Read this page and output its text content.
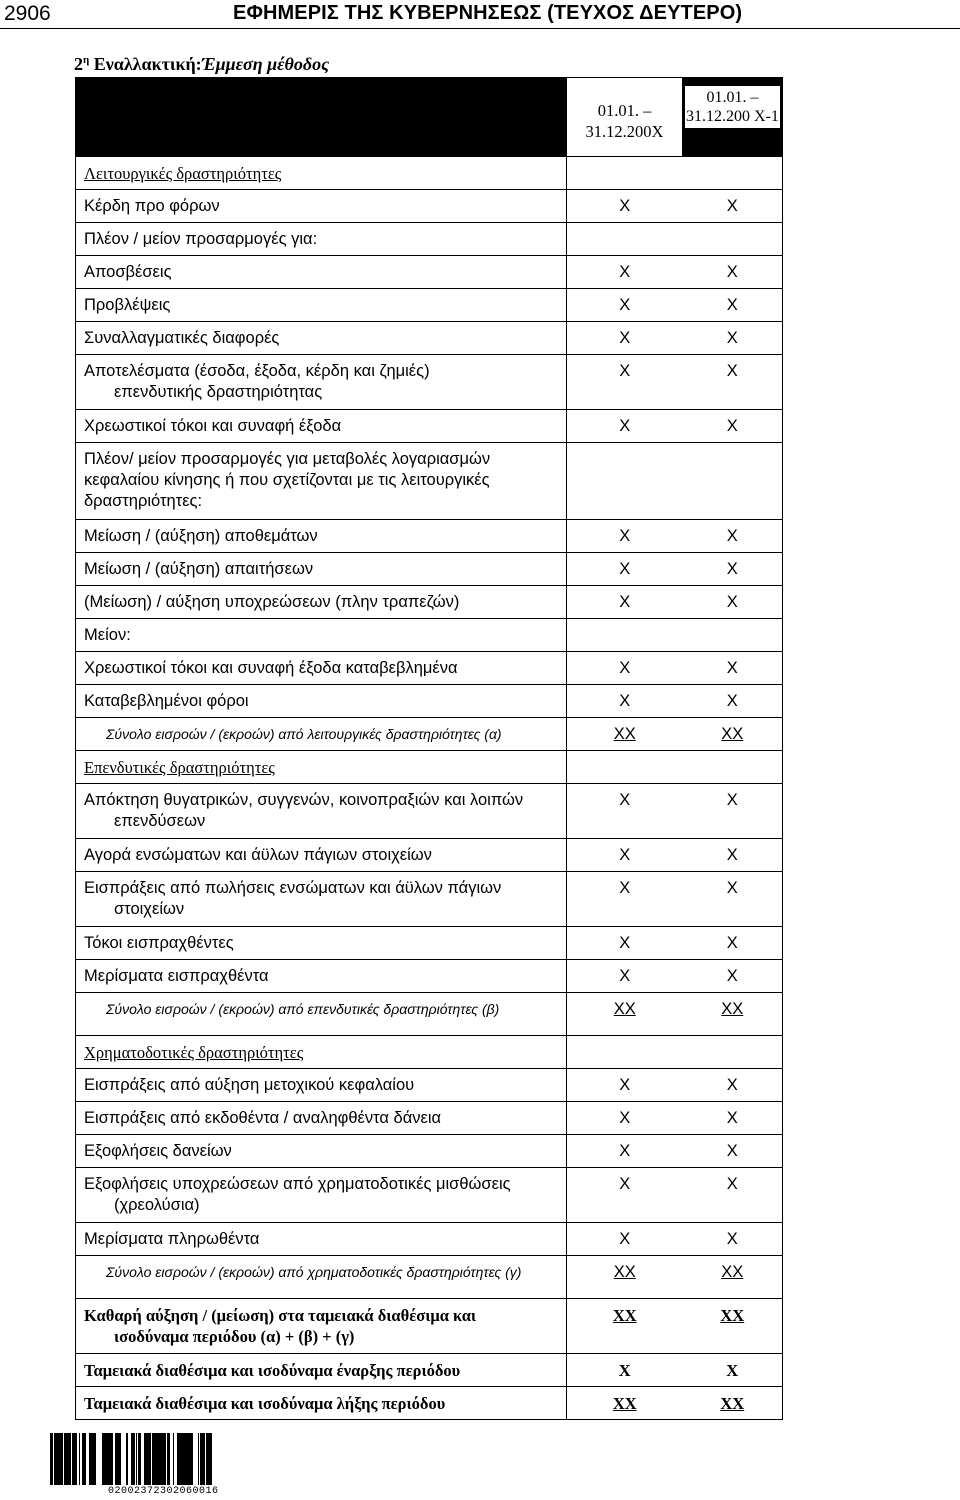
2906	ΕΦΗΜΕΡΙΣ ΤΗΣ ΚΥΒΕΡΝΗΣΕΩΣ (ΤΕΥΧΟΣ ΔΕΥΤΕΡΟ)
$2^\eta$ Εναλλακτική:Έμμεση μέθοδος

	01.01. – 31.12.200Χ	01.01. – 31.12.200 Χ-1

Λειτουργικές δραστηριότητες		
Κέρδη προ φόρων	Χ	Χ
Πλέον / μείον προσαρμογές για:		
Αποσβέσεις	Χ	Χ
Προβλέψεις	Χ	Χ
Συναλλαγματικές διαφορές	Χ	Χ
Αποτελέσματα (έσοδα, έξοδα, κέρδη και ζημιές)
επενδυτικής δραστηριότητας	Χ	Χ
Χρεωστικοί τόκοι και συναφή έξοδα	Χ	Χ
Πλέον/ μείον προσαρμογές για μεταβολές λογαριασμών κεφαλαίου κίνησης ή που σχετίζονται με τις λειτουργικές δραστηριότητες:		
Μείωση / (αύξηση) αποθεμάτων	Χ	Χ
Μείωση / (αύξηση) απαιτήσεων	Χ	Χ
(Μείωση) / αύξηση υποχρεώσεων (πλην τραπεζών)	Χ	Χ
Μείον:		
Χρεωστικοί τόκοι και συναφή έξοδα καταβεβλημένα	Χ	Χ
Καταβεβλημένοι φόροι	Χ	Χ
Σύνολο εισροών / (εκροών) από λειτουργικές δραστηριότητες (α)	ΧΧ	ΧΧ
Επενδυτικές δραστηριότητες		
Απόκτηση θυγατρικών, συγγενών, κοινοπραξιών και λοιπών
επενδύσεων	Χ	Χ
Αγορά ενσώματων και άϋλων πάγιων στοιχείων	Χ	Χ
Εισπράξεις από πωλήσεις ενσώματων και άϋλων πάγιων
στοιχείων	Χ	Χ
Τόκοι εισπραχθέντες	Χ	Χ
Μερίσματα εισπραχθέντα	Χ	Χ
Σύνολο εισροών / (εκροών) από επενδυτικές δραστηριότητες (β)	ΧΧ	ΧΧ
Χρηματοδοτικές δραστηριότητες		
Εισπράξεις από αύξηση μετοχικού κεφαλαίου	Χ	Χ
Εισπράξεις από εκδοθέντα / αναληφθέντα δάνεια	Χ	Χ
Εξοφλήσεις δανείων	Χ	Χ
Εξοφλήσεις υποχρεώσεων από χρηματοδοτικές μισθώσεις
(χρεολύσια)	Χ	Χ
Μερίσματα πληρωθέντα	Χ	Χ
Σύνολο εισροών / (εκροών) από χρηματοδοτικές δραστηριότητες (γ)	ΧΧ	ΧΧ
Καθαρή αύξηση / (μείωση) στα ταμειακά διαθέσιμα και
ισοδύναμα περιόδου (α) + (β) + (γ)	ΧΧ	ΧΧ
Ταμειακά διαθέσιμα και ισοδύναμα έναρξης περιόδου	Χ	Χ
Ταμειακά διαθέσιμα και ισοδύναμα λήξης περιόδου	ΧΧ	ΧΧ
02002372302060016
